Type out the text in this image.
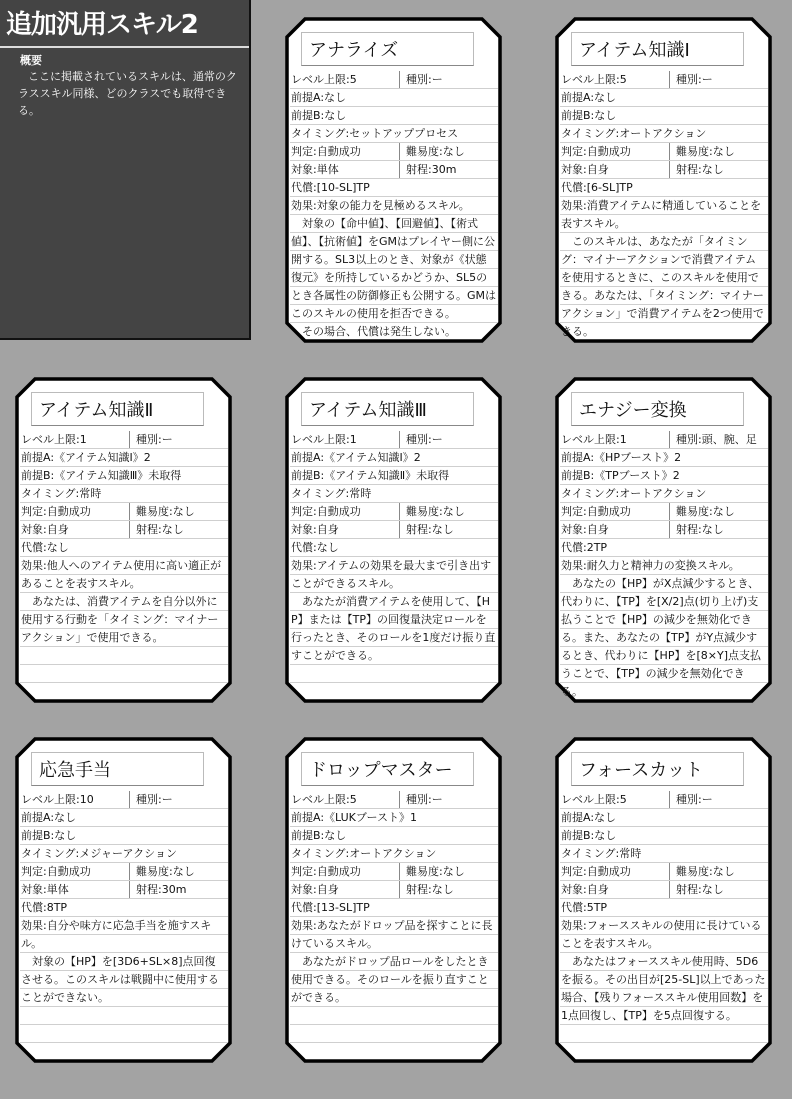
追加汎用スキル2
概要
ここに掲載されているスキルは、通常のクラススキル同様、どのクラスでも取得できる。
アナライズ
レベル上限:5	種別:ー
前提A:なし
前提B:なし
タイミング:セットアッププロセス
判定:自動成功	難易度:なし
対象:単体	射程:30m
代償:[10-SL]TP

効果:対象の能力を見極めるスキル。

対象の【命中値】、【回避値】、【術式値】、【抗術値】をGMはプレイヤー側に公開する。SL3以上のとき、対象が《状態復元》を所持しているかどうか、SL5のとき各属性の防御修正も公開する。GMはこのスキルの使用を拒否できる。

その場合、代償は発生しない。

アイテム知識Ⅰ
レベル上限:5	種別:ー
前提A:なし
前提B:なし
タイミング:オートアクション
判定:自動成功	難易度:なし
対象:自身	射程:なし
代償:[6-SL]TP

効果:消費アイテムに精通していることを表すスキル。

このスキルは、あなたが「タイミング：マイナーアクションで消費アイテムを使用するときに、このスキルを使用できる。あなたは、「タイミング：マイナーアクション」で消費アイテムを2つ使用できる。

アイテム知識Ⅱ
レベル上限:1	種別:ー
前提A:《アイテム知識Ⅰ》2
前提B:《アイテム知識Ⅲ》未取得
タイミング:常時
判定:自動成功	難易度:なし
対象:自身	射程:なし
代償:なし

効果:他人へのアイテム使用に高い適正があることを表すスキル。

あなたは、消費アイテムを自分以外に使用する行動を「タイミング：マイナーアクション」で使用できる。

アイテム知識Ⅲ
レベル上限:1	種別:ー
前提A:《アイテム知識Ⅰ》2
前提B:《アイテム知識Ⅱ》未取得
タイミング:常時
判定:自動成功	難易度:なし
対象:自身	射程:なし
代償:なし

効果:アイテムの効果を最大まで引き出すことができるスキル。

あなたが消費アイテムを使用して、【HP】または【TP】の回復量決定ロールを行ったとき、そのロールを1度だけ振り直すことができる。

エナジー変換
レベル上限:1	種別:頭、腕、足
前提A:《HPブースト》2
前提B:《TPブースト》2
タイミング:オートアクション
判定:自動成功	難易度:なし
対象:自身	射程:なし
代償:2TP

効果:耐久力と精神力の変換スキル。

あなたの【HP】がX点減少するとき、代わりに、【TP】を[X/2]点(切り上げ)支払うことで【HP】の減少を無効化できる。また、あなたの【TP】がY点減少するとき、代わりに【HP】を[8×Y]点支払うことで、【TP】の減少を無効化できる。

応急手当
レベル上限:10	種別:ー
前提A:なし
前提B:なし
タイミング:メジャーアクション
判定:自動成功	難易度:なし
対象:単体	射程:30m
代償:8TP

効果:自分や味方に応急手当を施すスキル。

対象の【HP】を[3D6+SL×8]点回復させる。このスキルは戦闘中に使用することができない。

ドロップマスター
レベル上限:5	種別:ー
前提A:《LUKブースト》1
前提B:なし
タイミング:オートアクション
判定:自動成功	難易度:なし
対象:自身	射程:なし
代償:[13-SL]TP

効果:あなたがドロップ品を探すことに長けているスキル。

あなたがドロップ品ロールをしたとき使用できる。そのロールを振り直すことができる。

フォースカット
レベル上限:5	種別:ー
前提A:なし
前提B:なし
タイミング:常時
判定:自動成功	難易度:なし
対象:自身	射程:なし
代償:5TP

効果:フォーススキルの使用に長けていることを表すスキル。

あなたはフォーススキル使用時、5D6を振る。その出目が[25-SL]以上であった場合、【残りフォーススキル使用回数】を1点回復し、【TP】を5点回復する。
